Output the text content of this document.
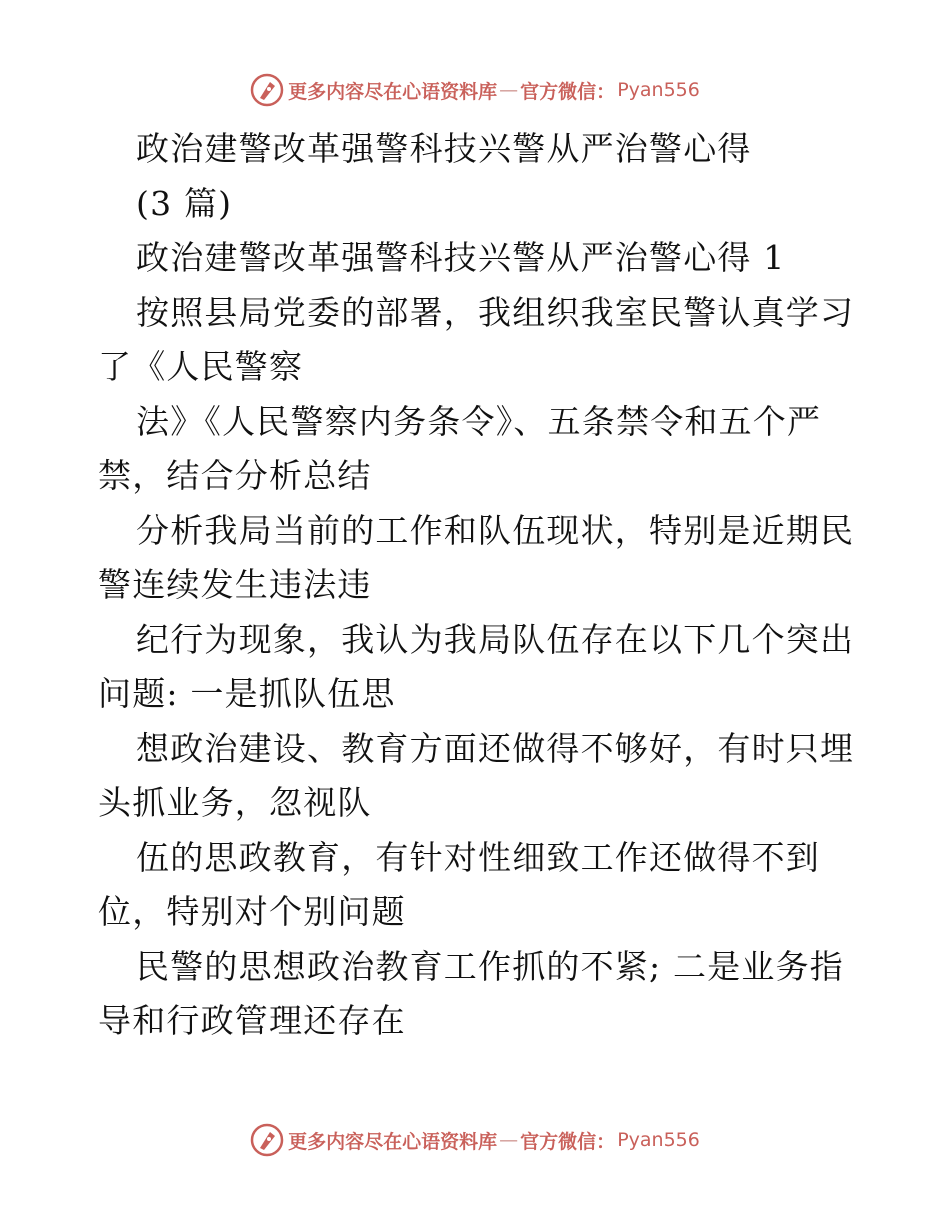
更多内容尽在心语资料库 — 官方微信： Pyan556
政治建警改革强警科技兴警从严治警心得
(3 篇)
政治建警改革强警科技兴警从严治警心得 1
按照县局党委的部署，我组织我室民警认真学习
了《人民警察
法》《人民警察内务条令》、五条禁令和五个严
禁，结合分析总结
分析我局当前的工作和队伍现状，特别是近期民
警连续发生违法违
纪行为现象，我认为我局队伍存在以下几个突出
问题: 一是抓队伍思
想政治建设、教育方面还做得不够好，有时只埋
头抓业务，忽视队
伍的思政教育，有针对性细致工作还做得不到
位，特别对个别问题
民警的思想政治教育工作抓的不紧; 二是业务指
导和行政管理还存在
更多内容尽在心语资料库 — 官方微信： Pyan556
